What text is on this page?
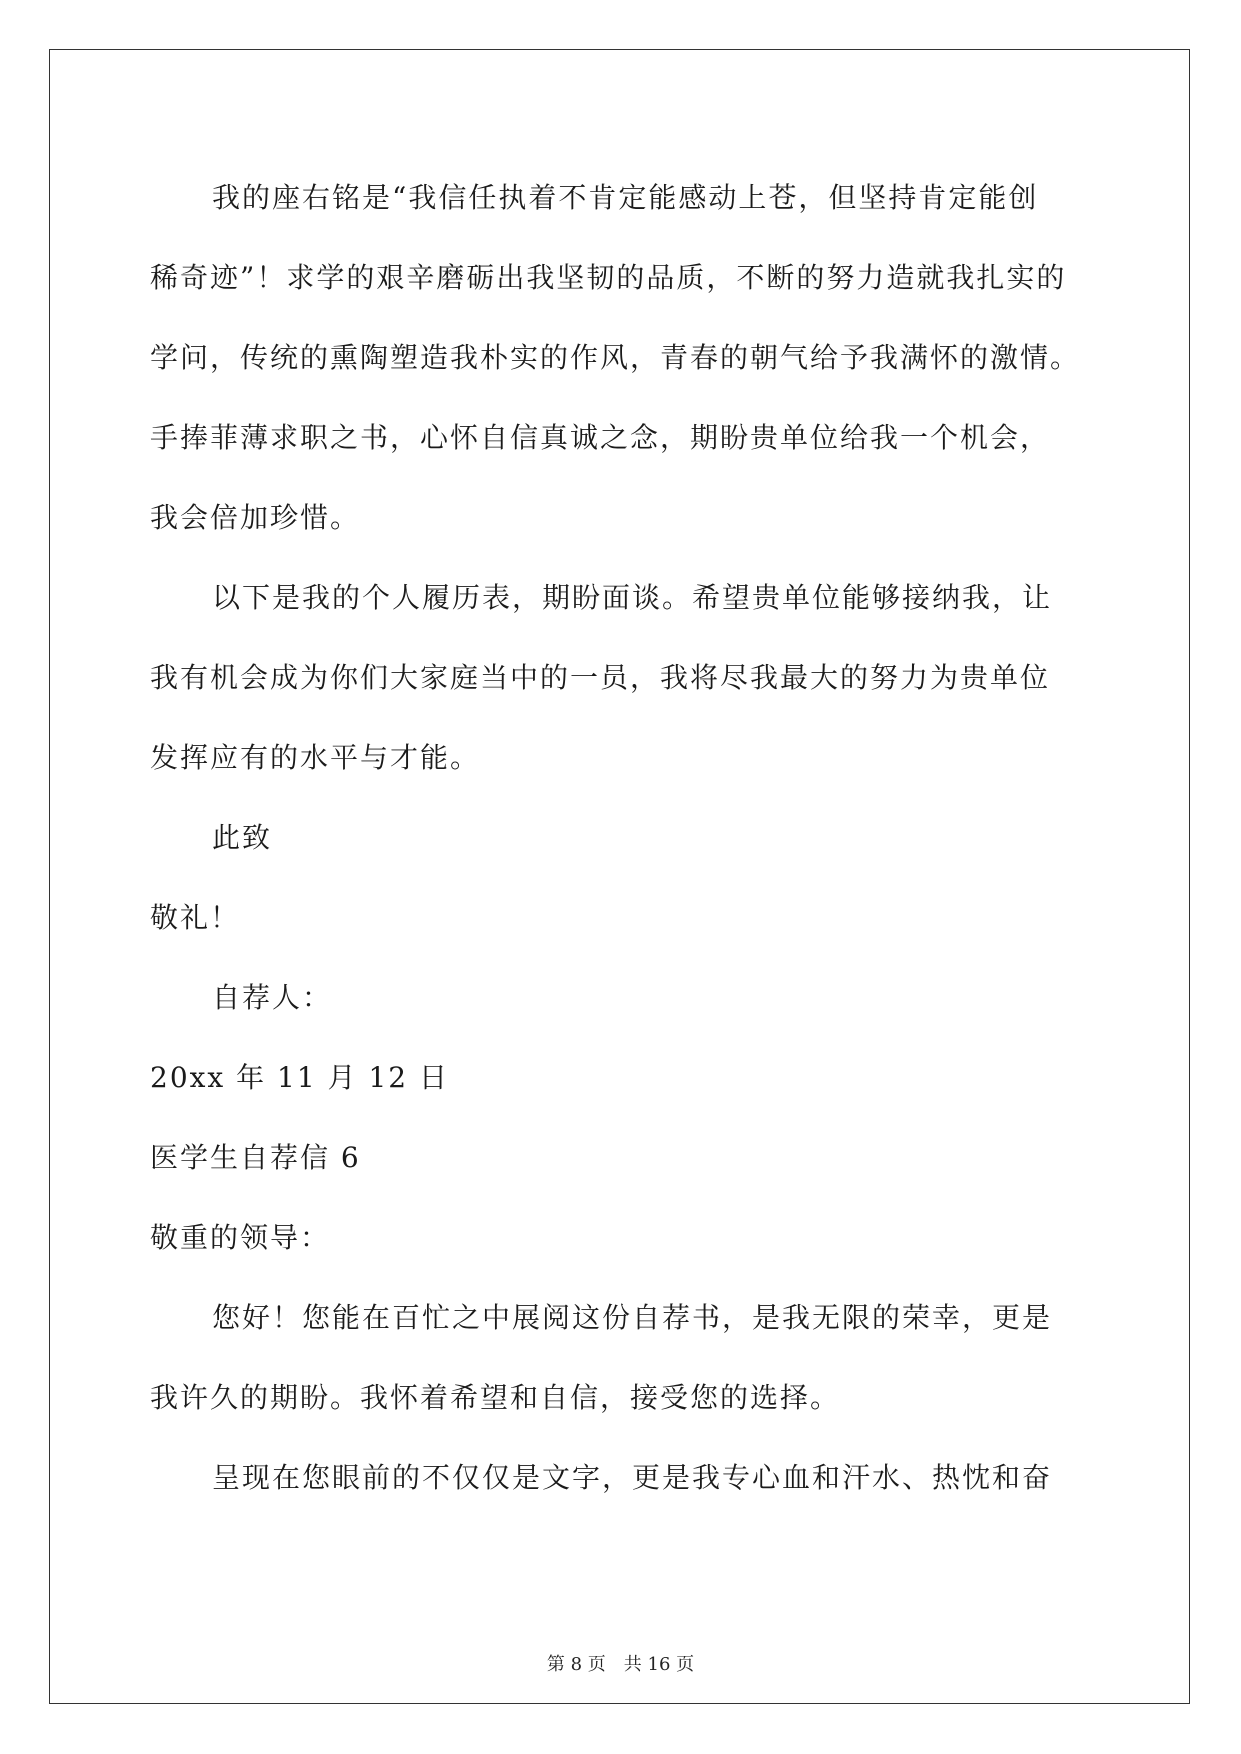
我的座右铭是“我信任执着不肯定能感动上苍，但坚持肯定能创
稀奇迹”！求学的艰辛磨砺出我坚韧的品质，不断的努力造就我扎实的
学问，传统的熏陶塑造我朴实的作风，青春的朝气给予我满怀的激情。
手捧菲薄求职之书，心怀自信真诚之念，期盼贵单位给我一个机会，
我会倍加珍惜。
以下是我的个人履历表，期盼面谈。希望贵单位能够接纳我，让
我有机会成为你们大家庭当中的一员，我将尽我最大的努力为贵单位
发挥应有的水平与才能。
此致
敬礼！
自荐人：
20xx 年 11 月 12 日
医学生自荐信 6
敬重的领导：
您好！您能在百忙之中展阅这份自荐书，是我无限的荣幸，更是
我许久的期盼。我怀着希望和自信，接受您的选择。
呈现在您眼前的不仅仅是文字，更是我专心血和汗水、热忱和奋
第 8 页 共 16 页
